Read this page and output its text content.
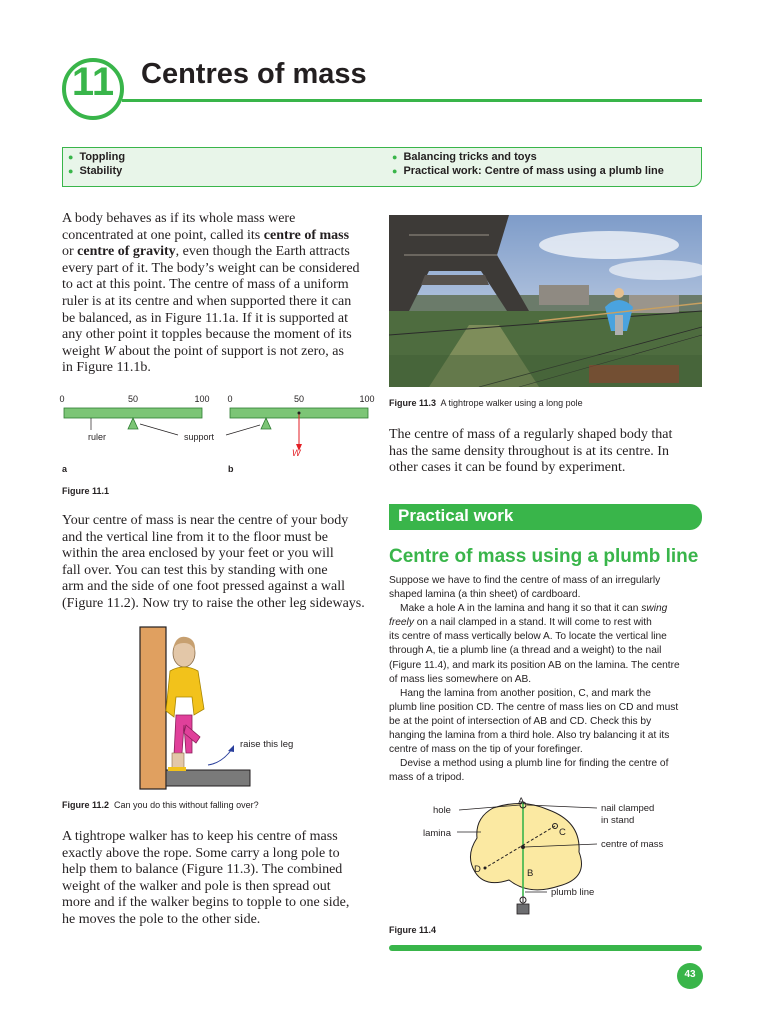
11 Centres of mass
● Toppling
● Stability
● Balancing tricks and toys
● Practical work: Centre of mass using a plumb line
A body behaves as if its whole mass were
concentrated at one point, called its centre of mass
or centre of gravity, even though the Earth attracts
every part of it. The body’s weight can be considered
to act at this point. The centre of mass of a uniform
ruler is at its centre and when supported there it can
be balanced, as in Figure 11.1a. If it is supported at
any other point it topples because the moment of its
weight W about the point of support is not zero, as
in Figure 11.1b.
0	50	100 0	50	100
ruler	support
W
a	b
Figure 11.1
Your centre of mass is near the centre of your body
and the vertical line from it to the floor must be
within the area enclosed by your feet or you will
fall over. You can test this by standing with one
arm and the side of one foot pressed against a wall
(Figure 11.2). Now try to raise the other leg sideways.
raise this leg
Figure 11.2 Can you do this without falling over?
A tightrope walker has to keep his centre of mass
exactly above the rope. Some carry a long pole to
help them to balance (Figure 11.3). The combined
weight of the walker and pole is then spread out
more and if the walker begins to topple to one side,
he moves the pole to the other side.
Figure 11.3 A tightrope walker using a long pole
The centre of mass of a regularly shaped body that
has the same density throughout is at its centre. In
other cases it can be found by experiment.
Practical work
Centre of mass using a plumb line
Suppose we have to find the centre of mass of an irregularly
shaped lamina (a thin sheet) of cardboard.
Make a hole A in the lamina and hang it so that it can swing
freely on a nail clamped in a stand. It will come to rest with
its centre of mass vertically below A. To locate the vertical line
through A, tie a plumb line (a thread and a weight) to the nail
(Figure 11.4), and mark its position AB on the lamina. The centre
of mass lies somewhere on AB.
Hang the lamina from another position, C, and mark the
plumb line position CD. The centre of mass lies on CD and must
be at the point of intersection of AB and CD. Check this by
hanging the lamina from a third hole. Also try balancing it at its
centre of mass on the tip of your forefinger.
Devise a method using a plumb line for finding the centre of
mass of a tripod.
hole
lamina
nail clamped
in stand
centre of mass
plumb line
A
B
C
D
Figure 11.4
43
